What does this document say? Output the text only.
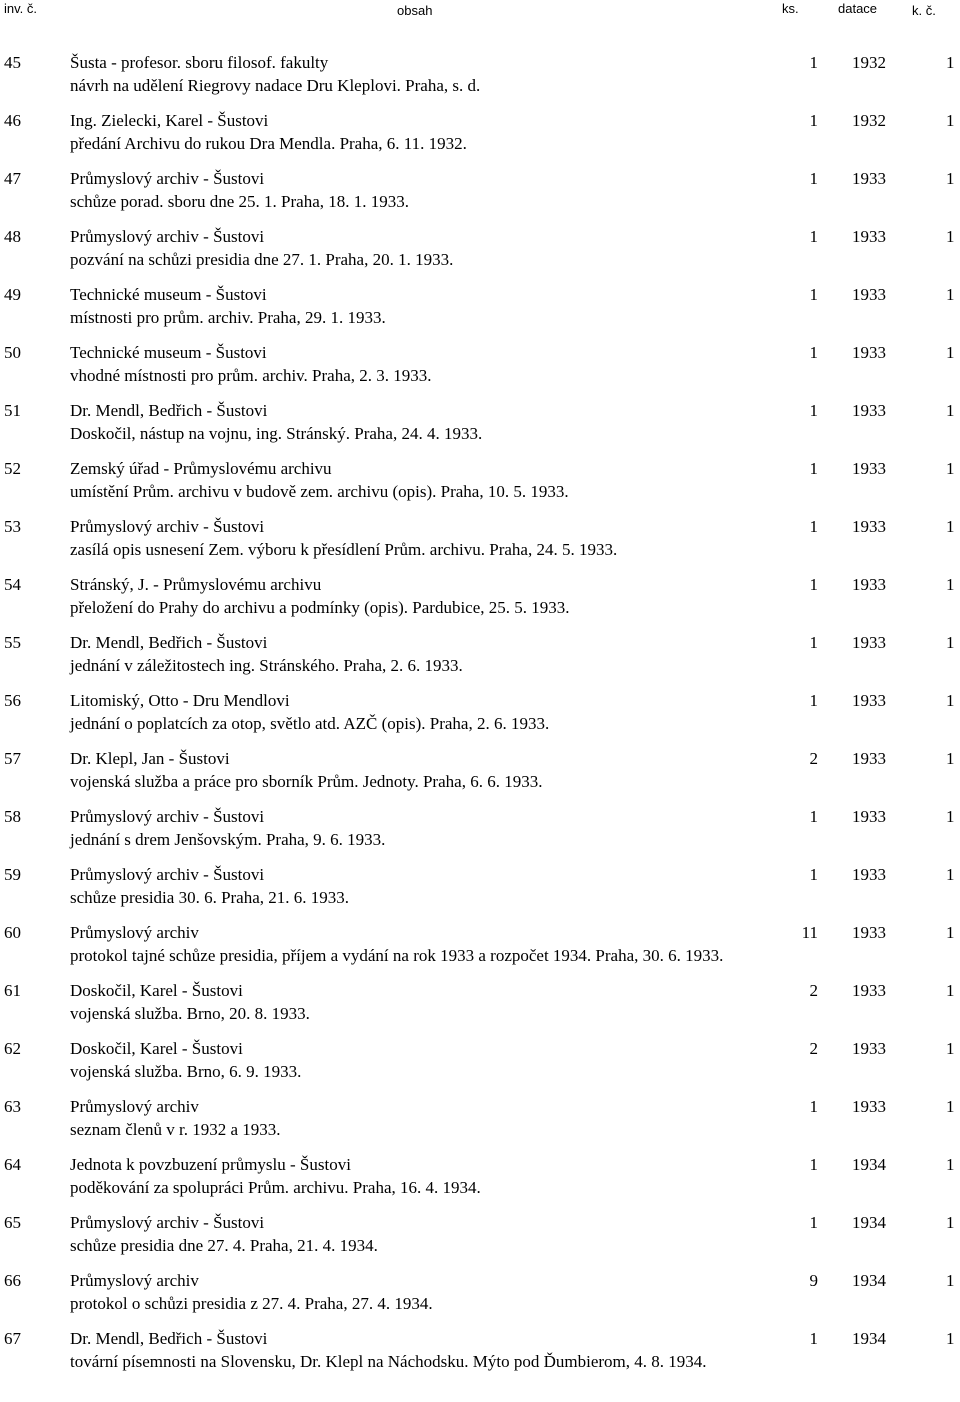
inv. č.	obsah	ks.	datace	k. č.
45	Šusta - profesor. sboru filosof. fakulty
návrh na udělení Riegrovy nadace Dru Kleplovi. Praha, s. d.
1 1932	1
46	Ing. Zielecki, Karel - Šustovi
předání Archivu do rukou Dra Mendla. Praha, 6. 11. 1932.
1 1932	1
47	Průmyslový archiv - Šustovi
schůze porad. sboru dne 25. 1. Praha, 18. 1. 1933.
1 1933	1
48	Průmyslový archiv - Šustovi
pozvání na schůzi presidia dne 27. 1. Praha, 20. 1. 1933.
1 1933	1
49	Technické museum - Šustovi
místnosti pro prům. archiv. Praha, 29. 1. 1933.
1 1933	1
50	Technické museum - Šustovi
vhodné místnosti pro prům. archiv. Praha, 2. 3. 1933.
1 1933	1
51	Dr. Mendl, Bedřich - Šustovi
Doskočil, nástup na vojnu, ing. Stránský. Praha, 24. 4. 1933.
1 1933	1
52	Zemský úřad - Průmyslovému archivu
umístění Prům. archivu v budově zem. archivu (opis). Praha, 10. 5. 1933.
1 1933	1
53	Průmyslový archiv - Šustovi
zasílá opis usnesení Zem. výboru k přesídlení Prům. archivu. Praha, 24. 5. 1933.
1 1933	1
54	Stránský, J. - Průmyslovému archivu
přeložení do Prahy do archivu a podmínky (opis). Pardubice, 25. 5. 1933.
1 1933	1
55	Dr. Mendl, Bedřich - Šustovi
jednání v záležitostech ing. Stránského. Praha, 2. 6. 1933.
1 1933	1
56	Litomiský, Otto - Dru Mendlovi
jednání o poplatcích za otop, světlo atd. AZČ (opis). Praha, 2. 6. 1933.
1 1933	1
57	Dr. Klepl, Jan - Šustovi
vojenská služba a práce pro sborník Prům. Jednoty. Praha, 6. 6. 1933.
2 1933	1
58	Průmyslový archiv - Šustovi
jednání s drem Jenšovským. Praha, 9. 6. 1933.
1 1933	1
59	Průmyslový archiv - Šustovi
schůze presidia 30. 6. Praha, 21. 6. 1933.
1 1933	1
60	Průmyslový archiv
protokol tajné schůze presidia, příjem a vydání na rok 1933 a rozpočet 1934. Praha, 30. 6. 1933.
11 1933	1
61	Doskočil, Karel - Šustovi
vojenská služba. Brno, 20. 8. 1933.
2 1933	1
62	Doskočil, Karel - Šustovi
vojenská služba. Brno, 6. 9. 1933.
2 1933	1
63	Průmyslový archiv
seznam členů v r. 1932 a 1933.
1 1933	1
64	Jednota k povzbuzení průmyslu - Šustovi
poděkování za spolupráci Prům. archivu. Praha, 16. 4. 1934.
1 1934	1
65	Průmyslový archiv - Šustovi
schůze presidia dne 27. 4. Praha, 21. 4. 1934.
1 1934	1
66	Průmyslový archiv
protokol o schůzi presidia z 27. 4. Praha, 27. 4. 1934.
9 1934	1
67	Dr. Mendl, Bedřich - Šustovi
tovární písemnosti na Slovensku, Dr. Klepl na Náchodsku. Mýto pod Ďumbierom, 4. 8. 1934.
1 1934	1
